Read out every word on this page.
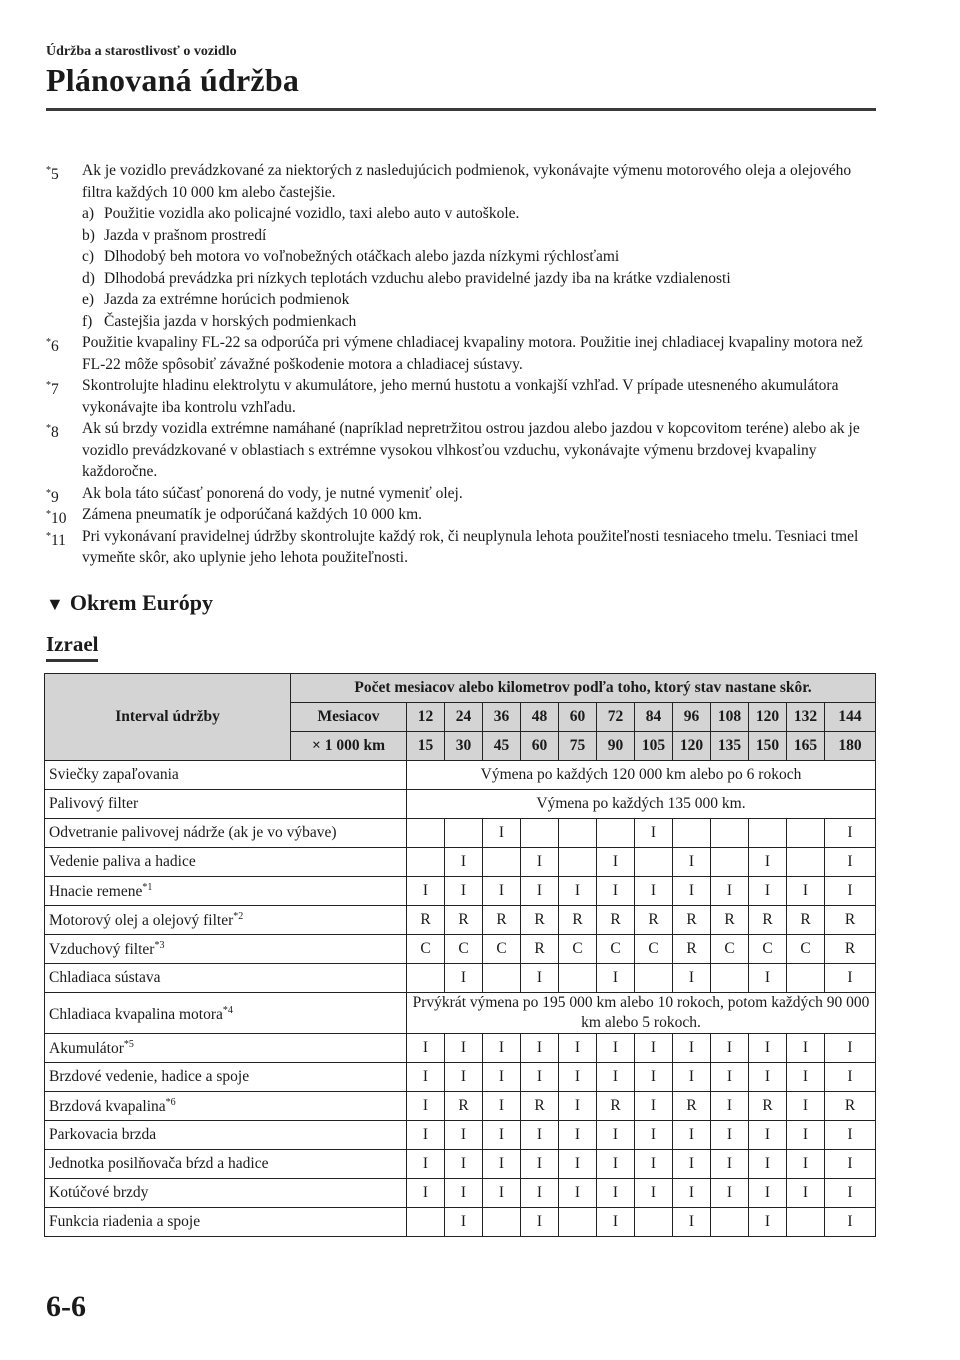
Údržba a starostlivosť o vozidlo
Plánovaná údržba
*5 Ak je vozidlo prevádzkované za niektorých z nasledujúcich podmienok, vykonávajte výmenu motorového oleja a olejového filtra každých 10 000 km alebo častejšie.
a) Použitie vozidla ako policajné vozidlo, taxi alebo auto v autoškole.
b) Jazda v prašnom prostredí
c) Dlhodobý beh motora vo voľnobežných otáčkach alebo jazda nízkymi rýchlosťami
d) Dlhodobá prevádzka pri nízkych teplotách vzduchu alebo pravidelné jazdy iba na krátke vzdialenosti
e) Jazda za extrémne horúcich podmienok
f) Častejšia jazda v horských podmienkach
*6 Použitie kvapaliny FL-22 sa odporúča pri výmene chladiacej kvapaliny motora. Použitie inej chladiacej kvapaliny motora než FL-22 môže spôsobiť závažné poškodenie motora a chladiacej sústavy.
*7 Skontrolujte hladinu elektrolytu v akumulátore, jeho mernú hustotu a vonkajší vzhľad. V prípade utesneného akumulátora vykonávajte iba kontrolu vzhľadu.
*8 Ak sú brzdy vozidla extrémne namáhané (napríklad nepretržitou ostrou jazdou alebo jazdou v kopcovitom teréne) alebo ak je vozidlo prevádzkované v oblastiach s extrémne vysokou vlhkosťou vzduchu, vykonávajte výmenu brzdovej kvapaliny každoročne.
*9 Ak bola táto súčasť ponorená do vody, je nutné vymeniť olej.
*10 Zámena pneumatík je odporúčaná každých 10 000 km.
*11 Pri vykonávaní pravidelnej údržby skontrolujte každý rok, či neuplynula lehota použiteľnosti tesniaceho tmelu. Tesniaci tmel vymeňte skôr, ako uplynie jeho lehota použiteľnosti.
▼ Okrem Európy
Izrael
Interval údržby	Počet mesiacov alebo kilometrov podľa toho, ktorý stav nastane skôr.												
	Mesiacov	12	24	36	48	60	72	84	96	108	120	132	144
	× 1 000 km	15	30	45	60	75	90	105	120	135	150	165	180
Sviečky zapaľovania		Výmena po každých 120 000 km alebo po 6 rokoch											
Palivový filter		Výmena po každých 135 000 km.											
Odvetranie palivovej nádrže (ak je vo výbave)				I				I					I
Vedenie paliva a hadice			I		I		I		I		I		I
Hnacie remene$^{*1}$		I	I	I	I	I	I	I	I	I	I	I	I
Motorový olej a olejový filter$^{*2}$		R	R	R	R	R	R	R	R	R	R	R	R
Vzduchový filter$^{*3}$		C	C	C	R	C	C	C	R	C	C	C	R
Chladiaca sústava			I		I		I		I		I		I
Chladiaca kvapalina motora$^{*4}$		Prvýkrát výmena po 195 000 km alebo 10 rokoch, potom každých 90 000 km alebo 5 rokoch.											
Akumulátor$^{*5}$		I	I	I	I	I	I	I	I	I	I	I	I
Brzdové vedenie, hadice a spoje		I	I	I	I	I	I	I	I	I	I	I	I
Brzdová kvapalina$^{*6}$		I	R	I	R	I	R	I	R	I	R	I	R
Parkovacia brzda		I	I	I	I	I	I	I	I	I	I	I	I
Jednotka posilňovača bŕzd a hadice		I	I	I	I	I	I	I	I	I	I	I	I
Kotúčové brzdy		I	I	I	I	I	I	I	I	I	I	I	I
Funkcia riadenia a spoje			I		I		I		I		I		I
6-6
